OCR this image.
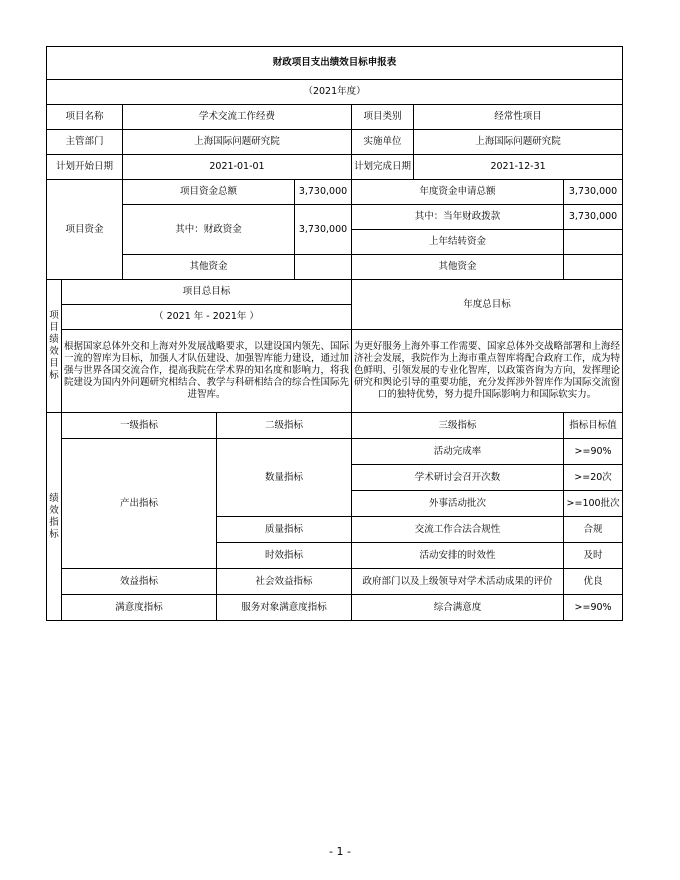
财政项目支出绩效目标申报表							
（2021年度）							
项目名称		学术交流工作经费			项目类别	经常性项目	
主管部门		上海国际问题研究院			实施单位	上海国际问题研究院	
计划开始日期		2021-01-01			计划完成日期	2021-12-31	
项目资金		项目资金总额		3,730,000	年度资金申请总额		3,730,000
		其中：财政资金		3,730,000	其中：当年财政拨款		3,730,000
					上年结转资金		
		其他资金			其他资金		
项目绩效目标	项目总目标				年度总目标		
	（ 2021 年 - 2021年 ）						
	根据国家总体外交和上海对外发展战略要求，以建设国内领先、国际一流的智库为目标，加强人才队伍建设、加强智库能力建设，通过加强与世界各国交流合作，提高我院在学术界的知名度和影响力，将我院建设为国内外问题研究相结合、教学与科研相结合的综合性国际先进智库。				为更好服务上海外事工作需要、国家总体外交战略部署和上海经济社会发展，我院作为上海市重点智库将配合政府工作，成为特色鲜明、引领发展的专业化智库，以政策咨询为方向，发挥理论研究和舆论引导的重要功能，充分发挥涉外智库作为国际交流窗口的独特优势，努力提升国际影响力和国际软实力。		
绩效指标	一级指标		二级指标		三级指标		指标目标值
	产出指标		数量指标		活动完成率		>=90%
					学术研讨会召开次数		>=20次
					外事活动批次		>=100批次
			质量指标		交流工作合法合规性		合规
			时效指标		活动安排的时效性		及时
	效益指标		社会效益指标		政府部门以及上级领导对学术活动成果的评价		优良
	满意度指标		服务对象满意度指标		综合满意度		>=90%
- 1 -
